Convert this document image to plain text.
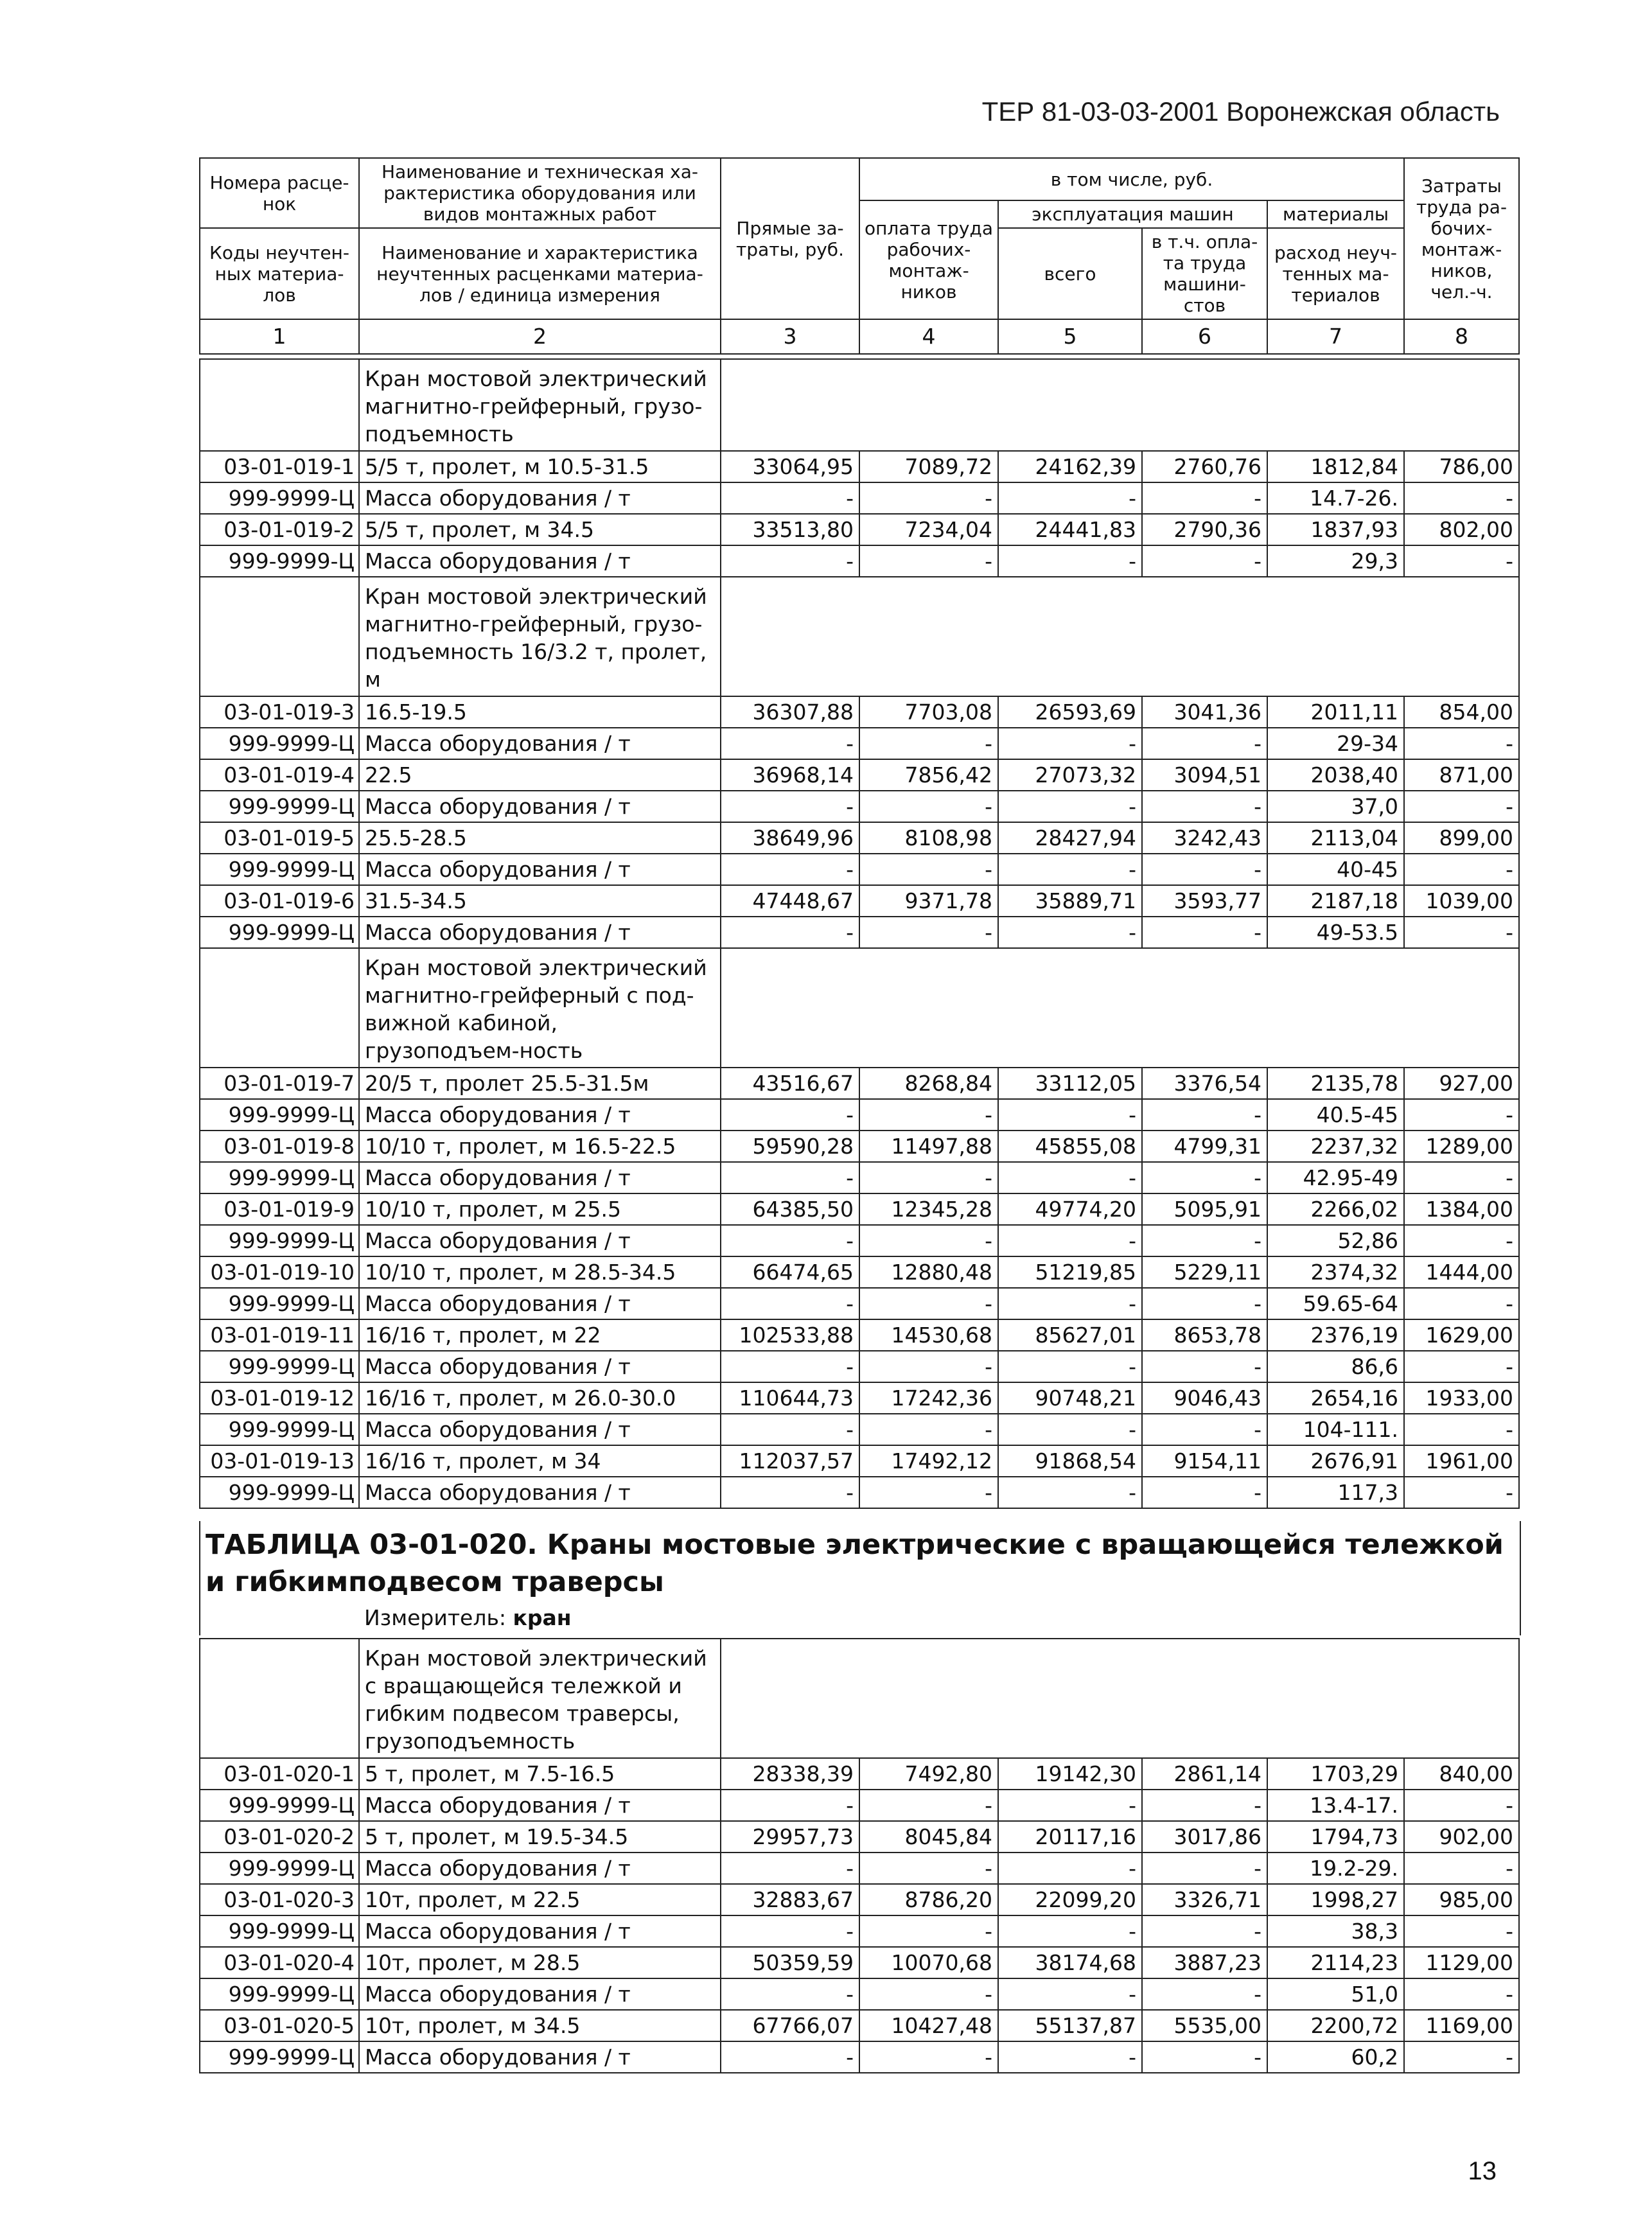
ТЕР 81-03-03-2001 Воронежская область
Номера расце-нок	Наименование и техническая ха-рактеристика оборудования или видов монтажных работ	Прямые за-траты, руб.	в том числе, руб.				Затраты труда ра-бочих-монтаж-ников, чел.-ч.
			оплата труда рабочих-монтаж-ников	эксплуатация машин		материалы	
Коды неучтен-ных материа-лов	Наименование и характеристика неучтенных расценками материа-лов / единица измерения			всего	в т.ч. опла-та труда машини-стов	расход неуч-тенных ма-териалов	

1	2	3	4	5	6	7	8
	Кран мостовой электрический магнитно-грейферный, грузо-подъемность						
03-01-019-1	5/5 т, пролет, м 10.5-31.5	33064,95	7089,72	24162,39	2760,76	1812,84	786,00
999-9999-Ц	Масса оборудования / т	-	-	-	-	14.7-26.	-
03-01-019-2	5/5 т, пролет, м 34.5	33513,80	7234,04	24441,83	2790,36	1837,93	802,00
999-9999-Ц	Масса оборудования / т	-	-	-	-	29,3	-
	Кран мостовой электрический магнитно-грейферный, грузо-подъемность 16/3.2 т, пролет, м						
03-01-019-3	16.5-19.5	36307,88	7703,08	26593,69	3041,36	2011,11	854,00
999-9999-Ц	Масса оборудования / т	-	-	-	-	29-34	-
03-01-019-4	22.5	36968,14	7856,42	27073,32	3094,51	2038,40	871,00
999-9999-Ц	Масса оборудования / т	-	-	-	-	37,0	-
03-01-019-5	25.5-28.5	38649,96	8108,98	28427,94	3242,43	2113,04	899,00
999-9999-Ц	Масса оборудования / т	-	-	-	-	40-45	-
03-01-019-6	31.5-34.5	47448,67	9371,78	35889,71	3593,77	2187,18	1039,00
999-9999-Ц	Масса оборудования / т	-	-	-	-	49-53.5	-
	Кран мостовой электрический магнитно-грейферный с под-вижной кабиной, грузоподъем-ность						
03-01-019-7	20/5 т, пролет 25.5-31.5м	43516,67	8268,84	33112,05	3376,54	2135,78	927,00
999-9999-Ц	Масса оборудования / т	-	-	-	-	40.5-45	-
03-01-019-8	10/10 т, пролет, м 16.5-22.5	59590,28	11497,88	45855,08	4799,31	2237,32	1289,00
999-9999-Ц	Масса оборудования / т	-	-	-	-	42.95-49	-
03-01-019-9	10/10 т, пролет, м 25.5	64385,50	12345,28	49774,20	5095,91	2266,02	1384,00
999-9999-Ц	Масса оборудования / т	-	-	-	-	52,86	-
03-01-019-10	10/10 т, пролет, м 28.5-34.5	66474,65	12880,48	51219,85	5229,11	2374,32	1444,00
999-9999-Ц	Масса оборудования / т	-	-	-	-	59.65-64	-
03-01-019-11	16/16 т, пролет, м 22	102533,88	14530,68	85627,01	8653,78	2376,19	1629,00
999-9999-Ц	Масса оборудования / т	-	-	-	-	86,6	-
03-01-019-12	16/16 т, пролет, м 26.0-30.0	110644,73	17242,36	90748,21	9046,43	2654,16	1933,00
999-9999-Ц	Масса оборудования / т	-	-	-	-	104-111.	-
03-01-019-13	16/16 т, пролет, м 34	112037,57	17492,12	91868,54	9154,11	2676,91	1961,00
999-9999-Ц	Масса оборудования / т	-	-	-	-	117,3	-
ТАБЛИЦА 03-01-020. Краны мостовые электрические с вращающейся тележкой и гибкимподвесом траверсы
Измеритель: кран
	Кран мостовой электрический с вращающейся тележкой и гибким подвесом траверсы, грузоподъемность						
03-01-020-1	5 т, пролет, м 7.5-16.5	28338,39	7492,80	19142,30	2861,14	1703,29	840,00
999-9999-Ц	Масса оборудования / т	-	-	-	-	13.4-17.	-
03-01-020-2	5 т, пролет, м 19.5-34.5	29957,73	8045,84	20117,16	3017,86	1794,73	902,00
999-9999-Ц	Масса оборудования / т	-	-	-	-	19.2-29.	-
03-01-020-3	10т, пролет, м 22.5	32883,67	8786,20	22099,20	3326,71	1998,27	985,00
999-9999-Ц	Масса оборудования / т	-	-	-	-	38,3	-
03-01-020-4	10т, пролет, м 28.5	50359,59	10070,68	38174,68	3887,23	2114,23	1129,00
999-9999-Ц	Масса оборудования / т	-	-	-	-	51,0	-
03-01-020-5	10т, пролет, м 34.5	67766,07	10427,48	55137,87	5535,00	2200,72	1169,00
999-9999-Ц	Масса оборудования / т	-	-	-	-	60,2	-
13
